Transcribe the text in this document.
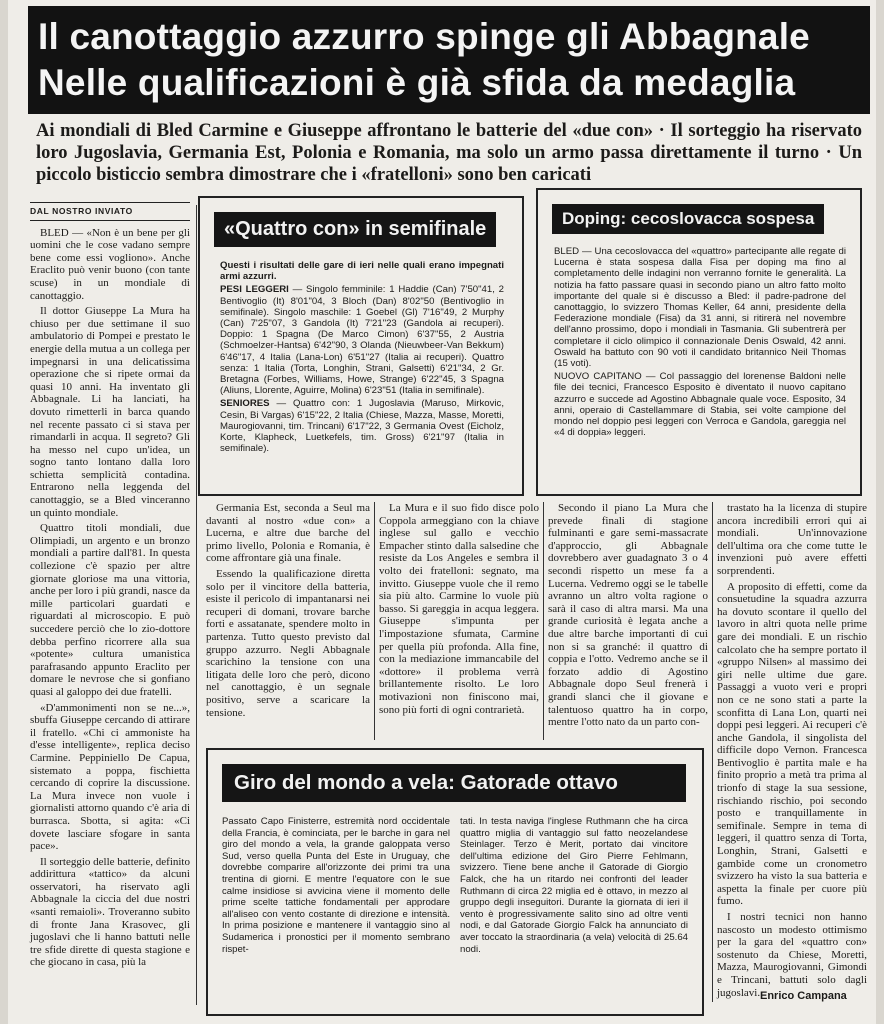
Il canottaggio azzurro spinge gli Abbagnale
Nelle qualificazioni è già sfida da medaglia
Ai mondiali di Bled Carmine e Giuseppe affrontano le batterie del «due con» · Il sorteggio ha riservato loro Jugoslavia, Germania Est, Polonia e Romania, ma solo un armo passa direttamente il turno · Un piccolo bisticcio sembra dimostrare che i «fratelloni» sono ben caricati
DAL NOSTRO INVIATO

BLED — «Non è un bene per gli uomini che le cose vadano sempre bene come essi vogliono». Anche Eraclito può venir buono (con tante scuse) in un mondiale di canottaggio.

Il dottor Giuseppe La Mura ha chiuso per due settimane il suo ambulatorio di Pompei e prestato le energie della mutua a un collega per impegnarsi in una delicatissima operazione che si ripete ormai da quasi 10 anni. Ha inventato gli Abbagnale. Li ha lanciati, ha dovuto rimetterli in barca quando nel recente passato ci si stava per rimandarli in acqua. Il segreto? Gli ha messo nel cupo un'idea, un sogno tanto lontano dalla loro schietta semplicità contadina. Entrarono nella leggenda del canottaggio, se a Bled vinceranno un quinto mondiale.

Quattro titoli mondiali, due Olimpiadi, un argento e un bronzo mondiali a partire dall'81. In questa collezione c'è spazio per altre giornate gloriose ma una vittoria, anche per loro i più grandi, nasce da mille particolari guardati e riguardati al microscopio. E può succedere perciò che lo zio-dottore debba perfino ricorrere alla sua «potente» cultura umanistica parafrasando appunto Eraclito per domare le nevrose che si gonfiano quasi al galoppo dei due fratelli.

«D'ammonimenti non se ne...», sbuffa Giuseppe cercando di attirare il fratello. «Chi ci ammoniste ha d'esse intelligente», replica deciso Carmine. Peppiniello De Capua, sistemato a poppa, fischietta cercando di coprire la discussione. La Mura invece non vuole i giornalisti attorno quando c'è aria di burrasca. Sbotta, si agita: «Ci dovete lasciare sfogare in santa pace».

Il sorteggio delle batterie, definito addirittura «tattico» da alcuni osservatori, ha riservato agli Abbagnale la ciccia del due nostri «santi remaioli». Troveranno subito di fronte Jana Krasovec, gli jugoslavi che li hanno battuti nelle tre sfide dirette di questa stagione e che giocano in casa, più la

«Quattro con» in semifinale

Questi i risultati delle gare di ieri nelle quali erano impegnati armi azzurri.

PESI LEGGERI — Singolo femminile: 1 Haddie (Can) 7'50"41, 2 Bentivoglio (It) 8'01"04, 3 Bloch (Dan) 8'02"50 (Bentivoglio in semifinale). Singolo maschile: 1 Goebel (Gl) 7'16"49, 2 Murphy (Can) 7'25"07, 3 Gandola (It) 7'21"23 (Gandola ai recuperi). Doppio: 1 Spagna (De Marco Cimon) 6'37"55, 2 Austria (Schmoelzer-Hantsa) 6'42"90, 3 Olanda (Nieuwbeer-Van Bekkum) 6'46"17, 4 Italia (Lana-Lon) 6'51"27 (Italia ai recuperi). Quattro senza: 1 Italia (Torta, Longhin, Strani, Galsetti) 6'21"34, 2 Gr. Bretagna (Forbes, Williams, Howe, Strange) 6'22"45, 3 Spagna (Aliuns, Llorente, Aguirre, Molina) 6'23"51 (Italia in semifinale).

SENIORES — Quattro con: 1 Jugoslavia (Maruso, Mirkovic, Cesin, Bi Vargas) 6'15"22, 2 Italia (Chiese, Mazza, Masse, Moretti, Maurogiovanni, tim. Trincani) 6'17"22, 3 Germania Ovest (Eicholz, Korte, Klapheck, Luetkefels, tim. Gross) 6'21"97 (Italia in semifinale).

Doping: cecoslovacca sospesa

BLED — Una cecoslovacca del «quattro» partecipante alle regate di Lucerna è stata sospesa dalla Fisa per doping ma fino al completamento delle indagini non verranno fornite le generalità. La notizia ha fatto passare quasi in secondo piano un altro fatto molto importante del quale si è discusso a Bled: il padre-padrone del canottaggio, lo svizzero Thomas Keller, 64 anni, presidente della Federazione mondiale (Fisa) da 31 anni, si ritirerà nel novembre dell'anno prossimo, dopo i mondiali in Tasmania. Gli subentrerà per completare il ciclo olimpico il connazionale Denis Oswald, 42 anni. Oswald ha battuto con 90 voti il candidato britannico Neil Thomas (15 voti).

NUOVO CAPITANO — Col passaggio del lorenense Baldoni nelle file dei tecnici, Francesco Esposito è diventato il nuovo capitano azzurro e succede ad Agostino Abbagnale quale voce. Esposito, 34 anni, operaio di Castellammare di Stabia, sei volte campione del mondo nel doppio pesi leggeri con Verroca e Gandola, gareggia nel «4 di doppia» leggeri.

Germania Est, seconda a Seul ma davanti al nostro «due con» a Lucerna, e altre due barche del primo livello, Polonia e Romania, è come affrontare già una finale.

Essendo la qualificazione diretta solo per il vincitore della batteria, esiste il pericolo di impantanarsi nei recuperi di domani, trovare barche forti e assatanate, spendere molto in partenza. Tutto questo previsto dal gruppo azzurro. Negli Abbagnale scarichino la tensione con una litigata delle loro che però, dicono nel canottaggio, è un segnale positivo, serve a scaricare la tensione.

La Mura e il suo fido disce polo Coppola armeggiano con la chiave inglese sul gallo e vecchio Empacher stinto dalla salsedine che resiste da Los Angeles e sembra il volto dei fratelloni: segnato, ma invitto. Giuseppe vuole che il remo sia più alto. Carmine lo vuole più basso. Si gareggia in acqua leggera. Giuseppe s'impunta per l'impostazione sfumata, Carmine per quella più profonda. Alla fine, con la mediazione immancabile del «dottore» il problema verrà brillantemente risolto. Le loro motivazioni non finiscono mai, sono più forti di ogni contrarietà.

Secondo il piano La Mura che prevede finali di stagione fulminanti e gare semi-massacrate d'approccio, gli Abbagnale dovrebbero aver guadagnato 3 o 4 secondi rispetto un mese fa a Lucerna. Vedremo oggi se le tabelle avranno un altro volta ragione o sarà il caso di altra marsi. Ma una grande curiosità è legata anche a due altre barche importanti di cui non si sa granché: il quattro di coppia e l'otto. Vedremo anche se il forzato addio di Agostino Abbagnale dopo Seul frenerà i grandi slanci che il giovane e talentuoso quattro ha in corpo, mentre l'otto nato da un parto con-

trastato ha la licenza di stupire ancora incredibili errori qui ai mondiali. Un'innovazione dell'ultima ora che come tutte le invenzioni può avere effetti sorprendenti.

A proposito di effetti, come da consuetudine la squadra azzurra ha dovuto scontare il quello del lavoro in altri quota nelle prime gare dei mondiali. E un rischio calcolato che ha sempre portato il «gruppo Nilsen» al massimo dei giri nelle ultime due gare. Passaggi a vuoto veri e propri non ce ne sono stati a parte la sconfitta di Lana Lon, quarti nei doppi pesi leggeri. Ai recuperi c'è anche Gandola, il singolista del difficile dopo Vernon. Francesca Bentivoglio è partita male e ha finito proprio a metà tra prima al trionfo di stage la sua sessione, rischiando rischio, poi secondo posto e tranquillamente in semifinale. Sempre in tema di leggeri, il quattro senza di Torta, Longhin, Strani, Galsetti e gambide come un cronometro svizzero ha visto la sua batteria e aspetta la finale per cuore più fumo.

I nostri tecnici non hanno nascosto un modesto ottimismo per la gara del «quattro con» sostenuto da Chiese, Moretti, Mazza, Maurogiovanni, Gimondi e Trincani, battuti solo dagli jugoslavi. Enrico Campana
Giro del mondo a vela: Gatorade ottavo
Passato Capo Finisterre, estremità nord occidentale della Francia, è cominciata, per le barche in gara nel giro del mondo a vela, la grande galoppata verso Sud, verso quella Punta del Este in Uruguay, che dovrebbe comparire all'orizzonte dei primi tra una trentina di giorni. E mentre l'equatore con le sue calme insidiose si avvicina viene il momento delle prime scelte tattiche fondamentali per approdare all'aliseo con vento costante di direzione e intensità. In prima posizione e mantenere il vantaggio sino al Sudamerica i pronostici per il momento sembrano rispet-
tati. In testa naviga l'inglese Ruthmann che ha circa quattro miglia di vantaggio sul fatto neozelandese Steinlager. Terzo è Merit, portato dai vincitore dell'ultima edizione del Giro Pierre Fehlmann, svizzero. Tiene bene anche il Gatorade di Giorgio Falck, che ha un ritardo nei confronti del leader Ruthmann di circa 22 miglia ed è ottavo, in mezzo al gruppo degli inseguitori. Durante la giornata di ieri il vento è progressivamente salito sino ad oltre venti nodi, e dal Gatorade Giorgio Falck ha annunciato di aver toccato la straordinaria (a vela) velocità di 25.64 nodi.
